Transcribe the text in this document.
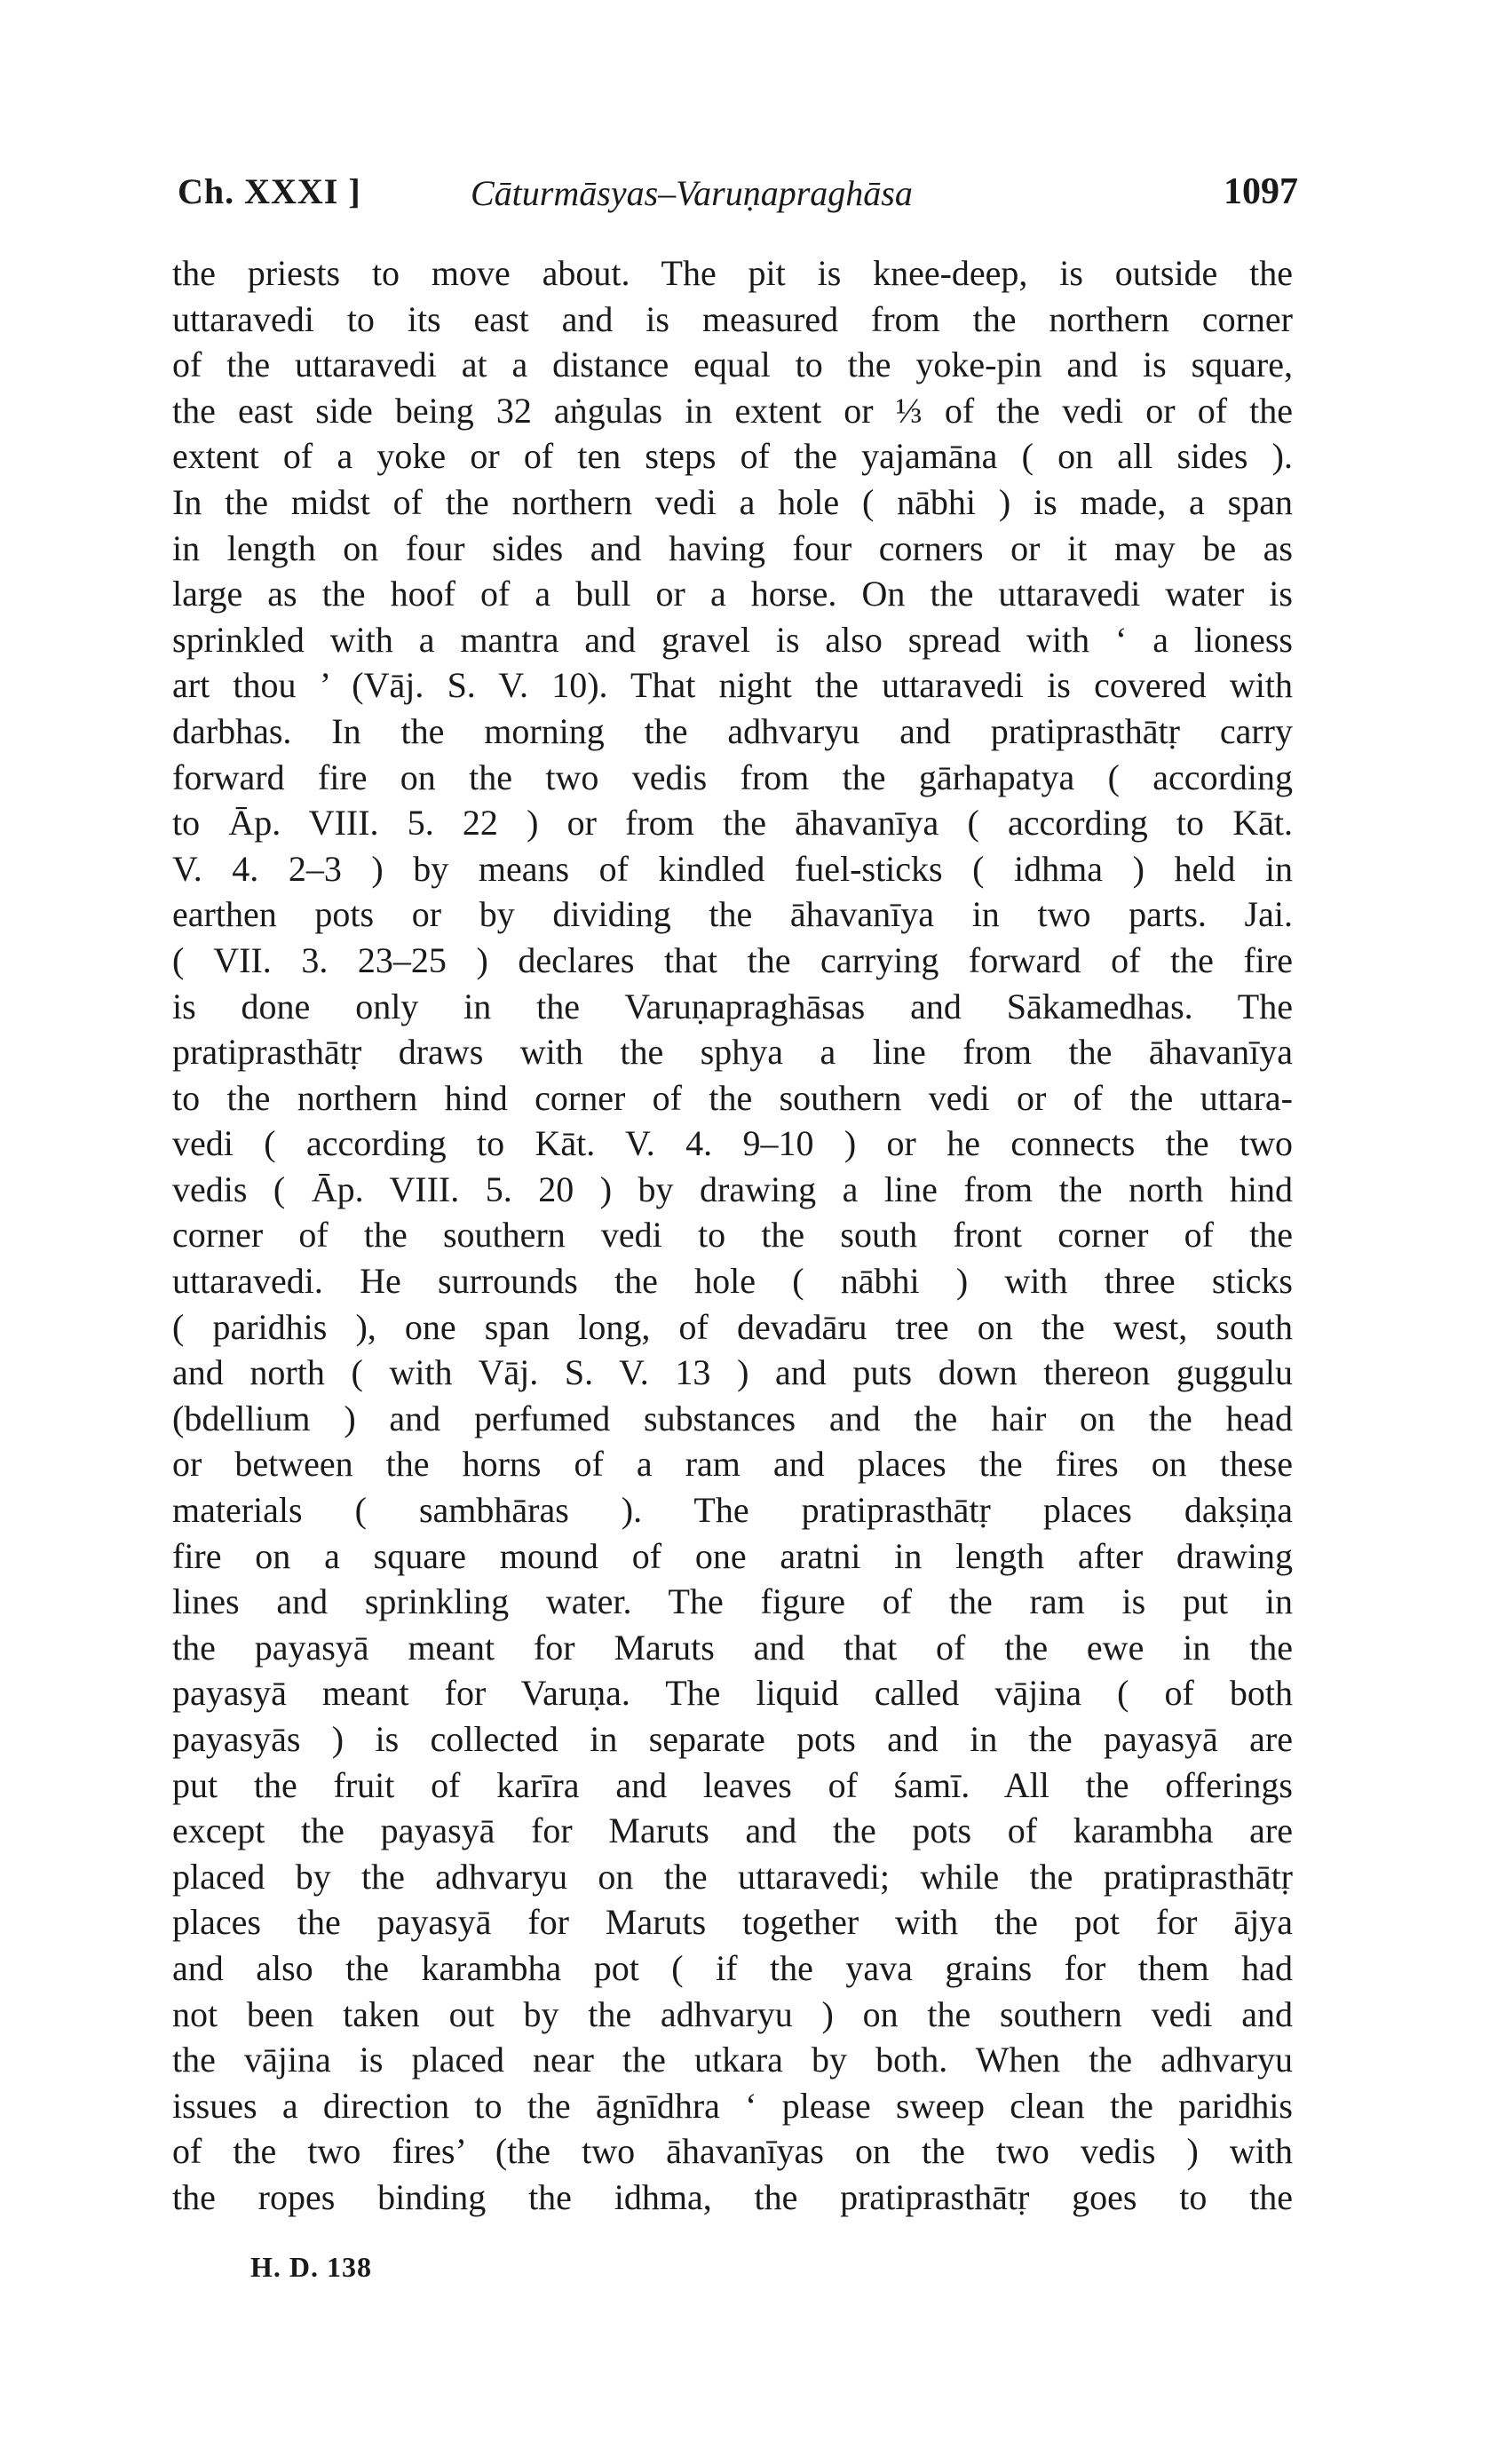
Ch. XXXI ]	Cāturmāsyas–Varuṇapraghāsa	1097
the priests to move about. The pit is knee-deep, is outside the
uttaravedi to its east and is measured from the northern corner
of the uttaravedi at a distance equal to the yoke-pin and is square,
the east side being 32 aṅgulas in extent or ⅓ of the vedi or of the
extent of a yoke or of ten steps of the yajamāna ( on all sides ).
In the midst of the northern vedi a hole ( nābhi ) is made, a span
in length on four sides and having four corners or it may be as
large as the hoof of a bull or a horse. On the uttaravedi water is
sprinkled with a mantra and gravel is also spread with ‘ a lioness
art thou ’ (Vāj. S. V. 10). That night the uttaravedi is covered with
darbhas. In the morning the adhvaryu and pratiprasthātṛ carry
forward fire on the two vedis from the gārhapatya ( according
to Āp. VIII. 5. 22 ) or from the āhavanīya ( according to Kāt.
V. 4. 2–3 ) by means of kindled fuel-sticks ( idhma ) held in
earthen pots or by dividing the āhavanīya in two parts. Jai.
( VII. 3. 23–25 ) declares that the carrying forward of the fire
is done only in the Varuṇapraghāsas and Sākamedhas. The
pratiprasthātṛ draws with the sphya a line from the āhavanīya
to the northern hind corner of the southern vedi or of the uttara-
vedi ( according to Kāt. V. 4. 9–10 ) or he connects the two
vedis ( Āp. VIII. 5. 20 ) by drawing a line from the north hind
corner of the southern vedi to the south front corner of the
uttaravedi. He surrounds the hole ( nābhi ) with three sticks
( paridhis ), one span long, of devadāru tree on the west, south
and north ( with Vāj. S. V. 13 ) and puts down thereon guggulu
(bdellium ) and perfumed substances and the hair on the head
or between the horns of a ram and places the fires on these
materials ( sambhāras ). The pratiprasthātṛ places dakṣiṇa
fire on a square mound of one aratni in length after drawing
lines and sprinkling water. The figure of the ram is put in
the payasyā meant for Maruts and that of the ewe in the
payasyā meant for Varuṇa. The liquid called vājina ( of both
payasyās ) is collected in separate pots and in the payasyā are
put the fruit of karīra and leaves of śamī. All the offerings
except the payasyā for Maruts and the pots of karambha are
placed by the adhvaryu on the uttaravedi; while the pratiprasthātṛ
places the payasyā for Maruts together with the pot for ājya
and also the karambha pot ( if the yava grains for them had
not been taken out by the adhvaryu ) on the southern vedi and
the vājina is placed near the utkara by both. When the adhvaryu
issues a direction to the āgnīdhra ‘ please sweep clean the paridhis
of the two fires’ (the two āhavanīyas on the two vedis ) with
the ropes binding the idhma, the pratiprasthātṛ goes to the
H. D. 138
